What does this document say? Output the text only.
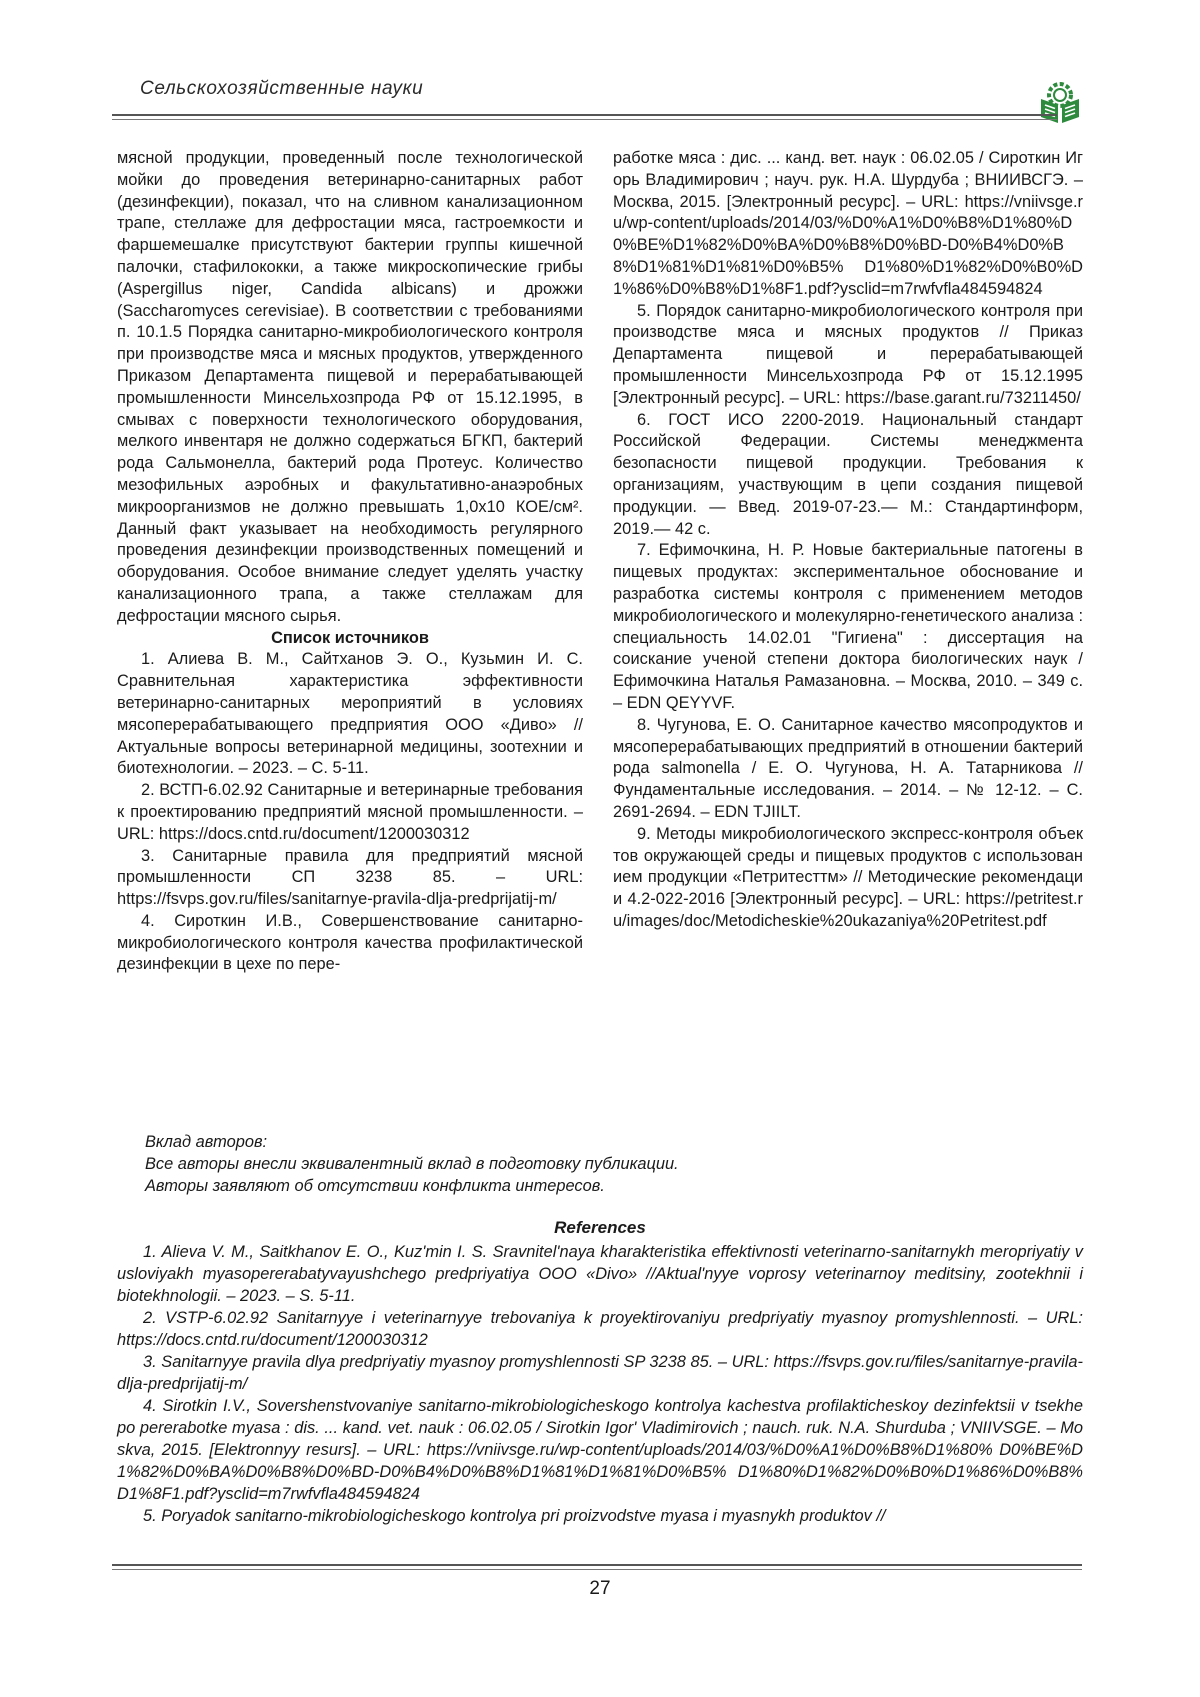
Сельскохозяйственные науки

мясной продукции, проведенный после технологической мойки до проведения ветеринарно-санитарных работ (дезинфекции), показал, что на сливном канализационном трапе, стеллаже для дефростации мяса, гастроемкости и фаршемешалке присутствуют бактерии группы кишечной палочки, стафилококки, а также микроскопические грибы (Aspergillus niger, Candida albicans) и дрожжи (Saccharomyces cerevisiae). В соответствии с требованиями п. 10.1.5 Порядка санитарно-микробиологического контроля при производстве мяса и мясных продуктов, утвержденного Приказом Департамента пищевой и перерабатывающей промышленности Минсельхозпрода РФ от 15.12.1995, в смывах с поверхности технологического оборудования, мелкого инвентаря не должно содержаться БГКП, бактерий рода Сальмонелла, бактерий рода Протеус. Количество мезофильных аэробных и факультативно-анаэробных микроорганизмов не должно превышать 1,0х10 КОЕ/см². Данный факт указывает на необходимость регулярного проведения дезинфекции производственных помещений и оборудования. Особое внимание следует уделять участку канализационного трапа, а также стеллажам для дефростации мясного сырья.

Список источников

1. Алиева В. М., Сайтханов Э. О., Кузьмин И. С. Сравнительная характеристика эффективности ветеринарно-санитарных мероприятий в условиях мясоперерабатывающего предприятия ООО «Диво» //Актуальные вопросы ветеринарной медицины, зоотехнии и биотехнологии. – 2023. – С. 5-11.

2. ВСТП-6.02.92 Санитарные и ветеринарные требования к проектированию предприятий мясной промышленности. – URL: https://docs.cntd.ru/document/1200030312

3. Санитарные правила для предприятий мясной промышленности СП 3238 85. – URL: https://fsvps.gov.ru/files/sanitarnye-pravila-dlja-predprijatij-m/

4. Сироткин И.В., Совершенствование санитарно-микробиологического контроля качества профилактической дезинфекции в цехе по пере-

работке мяса : дис. ... канд. вет. наук : 06.02.05 / Сироткин Игорь Владимирович ; науч. рук. Н.А. Шурдуба ; ВНИИВСГЭ. – Москва, 2015. [Электронный ресурс]. – URL: https://vniivsge.ru/wp-content/uploads/2014/03/%D0%A1%D0%B8%D1%80%D0%BE%D1%82%D0%BA%D0%B8%D0%BD-D0%B4%D0%B8%D1%81%D1%81%D0%B5% D1%80%D1%82%D0%B0%D1%86%D0%B8%D1%8F1.pdf?ysclid=m7rwfvfla484594824

5. Порядок санитарно-микробиологического контроля при производстве мяса и мясных продуктов // Приказ Департамента пищевой и перерабатывающей промышленности Минсельхозпрода РФ от 15.12.1995 [Электронный ресурс]. – URL: https://base.garant.ru/73211450/

6. ГОСТ ИСО 2200-2019. Национальный стандарт Российской Федерации. Системы менеджмента безопасности пищевой продукции. Требования к организациям, участвующим в цепи создания пищевой продукции. — Введ. 2019-07-23.— М.: Стандартинформ, 2019.— 42 с.

7. Ефимочкина, Н. Р. Новые бактериальные патогены в пищевых продуктах: экспериментальное обоснование и разработка системы контроля с применением методов микробиологического и молекулярно-генетического анализа : специальность 14.02.01 "Гигиена" : диссертация на соискание ученой степени доктора биологических наук / Ефимочкина Наталья Рамазановна. – Москва, 2010. – 349 с. – EDN QEYYVF.

8. Чугунова, Е. О. Санитарное качество мясопродуктов и мясоперерабатывающих предприятий в отношении бактерий рода salmonella / Е. О. Чугунова, Н. А. Татарникова // Фундаментальные исследования. – 2014. – № 12-12. – С. 2691-2694. – EDN TJIILT.

9. Методы микробиологического экспресс-контроля объектов окружающей среды и пищевых продуктов с использованием продукции «Петритесттм» // Методические рекомендации 4.2-022-2016 [Электронный ресурс]. – URL: https://petritest.ru/images/doc/Metodicheskie%20ukazaniya%20Petritest.pdf

Вклад авторов:

Все авторы внесли эквивалентный вклад в подготовку публикации.

Авторы заявляют об отсутствии конфликта интересов.

References

1. Alieva V. M., Saitkhanov E. O., Kuz'min I. S. Sravnitel'naya kharakteristika effektivnosti veterinarno-sanitarnykh meropriyatiy v usloviyakh myasopererabatyvayushchego predpriyatiya OOO «Divo» //Aktual'nyye voprosy veterinarnoy meditsiny, zootekhnii i biotekhnologii. – 2023. – S. 5-11.

2. VSTP-6.02.92 Sanitarnyye i veterinarnyye trebovaniya k proyektirovaniyu predpriyatiy myasnoy promyshlennosti. – URL: https://docs.cntd.ru/document/1200030312

3. Sanitarnyye pravila dlya predpriyatiy myasnoy promyshlennosti SP 3238 85. – URL: https://fsvps.gov.ru/files/sanitarnye-pravila-dlja-predprijatij-m/

4. Sirotkin I.V., Sovershenstvovaniye sanitarno-mikrobiologicheskogo kontrolya kachestva profilakticheskoy dezinfektsii v tsekhe po pererabotke myasa : dis. ... kand. vet. nauk : 06.02.05 / Sirotkin Igor' Vladimirovich ; nauch. ruk. N.A. Shurduba ; VNIIVSGE. – Moskva, 2015. [Elektronnyy resurs]. – URL: https://vniivsge.ru/wp-content/uploads/2014/03/%D0%A1%D0%B8%D1%80% D0%BE%D1%82%D0%BA%D0%B8%D0%BD-D0%B4%D0%B8%D1%81%D1%81%D0%B5% D1%80%D1%82%D0%B0%D1%86%D0%B8%D1%8F1.pdf?ysclid=m7rwfvfla484594824

5. Poryadok sanitarno-mikrobiologicheskogo kontrolya pri proizvodstve myasa i myasnykh produktov //

27
